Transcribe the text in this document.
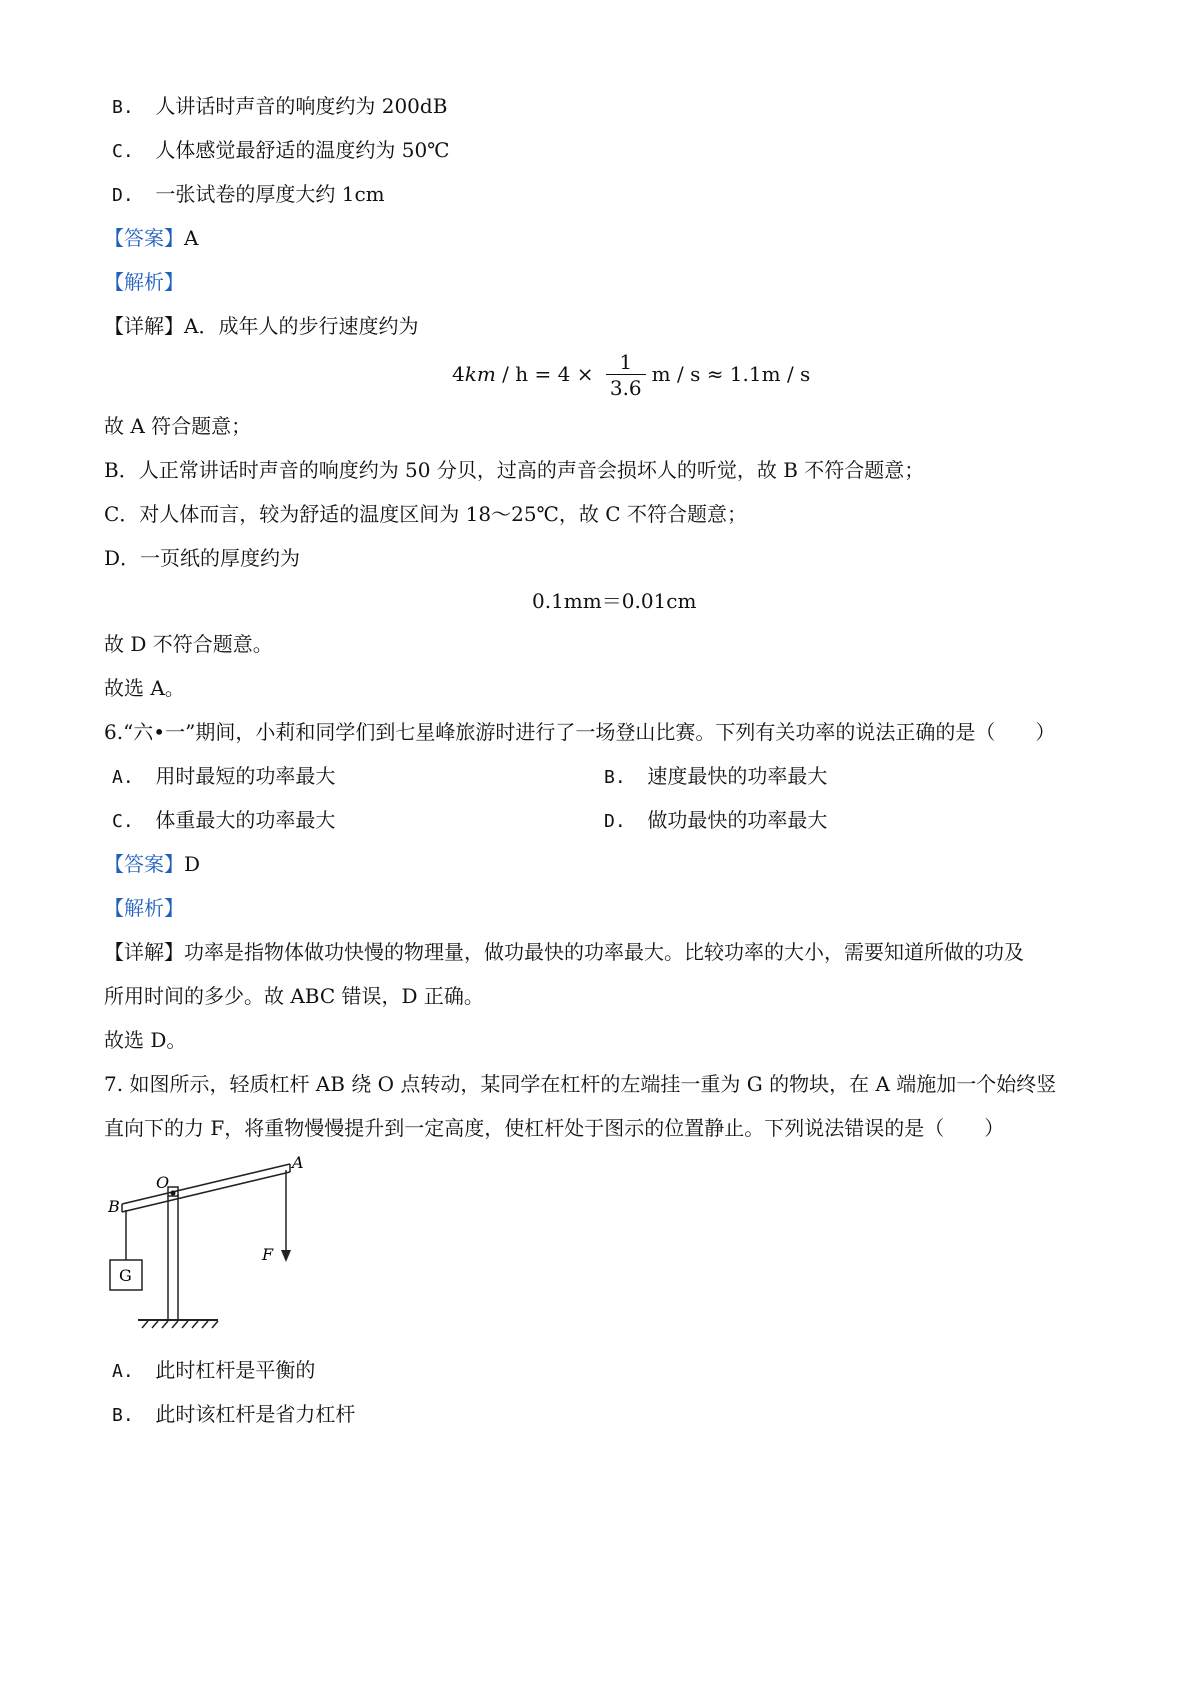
B. 人讲话时声音的响度约为 200dB
C. 人体感觉最舒适的温度约为 50℃
D. 一张试卷的厚度大约 1cm
【答案】A
【解析】
【详解】A．成年人的步行速度约为
$4km / h = 4 \times \frac{1}{3.6}$ m / s ≈ 1.1m / s
故 A 符合题意；
B．人正常讲话时声音的响度约为 50 分贝，过高的声音会损坏人的听觉，故 B 不符合题意；
C．对人体而言，较为舒适的温度区间为 18～25℃，故 C 不符合题意；
D．一页纸的厚度约为
0.1mm＝0.01cm
故 D 不符合题意。
故选 A。
6.“六•一”期间，小莉和同学们到七星峰旅游时进行了一场登山比赛。下列有关功率的说法正确的是（　　）
A. 用时最短的功率最大	B. 速度最快的功率最大
C. 体重最大的功率最大	D. 做功最快的功率最大
【答案】D
【解析】
【详解】功率是指物体做功快慢的物理量，做功最快的功率最大。比较功率的大小，需要知道所做的功及
所用时间的多少。故 ABC 错误，D 正确。
故选 D。
7. 如图所示，轻质杠杆 AB 绕 O 点转动，某同学在杠杆的左端挂一重为 G 的物块，在 A 端施加一个始终竖
直向下的力 F，将重物慢慢提升到一定高度，使杠杆处于图示的位置静止。下列说法错误的是（　　）
G
O
A
B
F
A. 此时杠杆是平衡的
B. 此时该杠杆是省力杠杆
